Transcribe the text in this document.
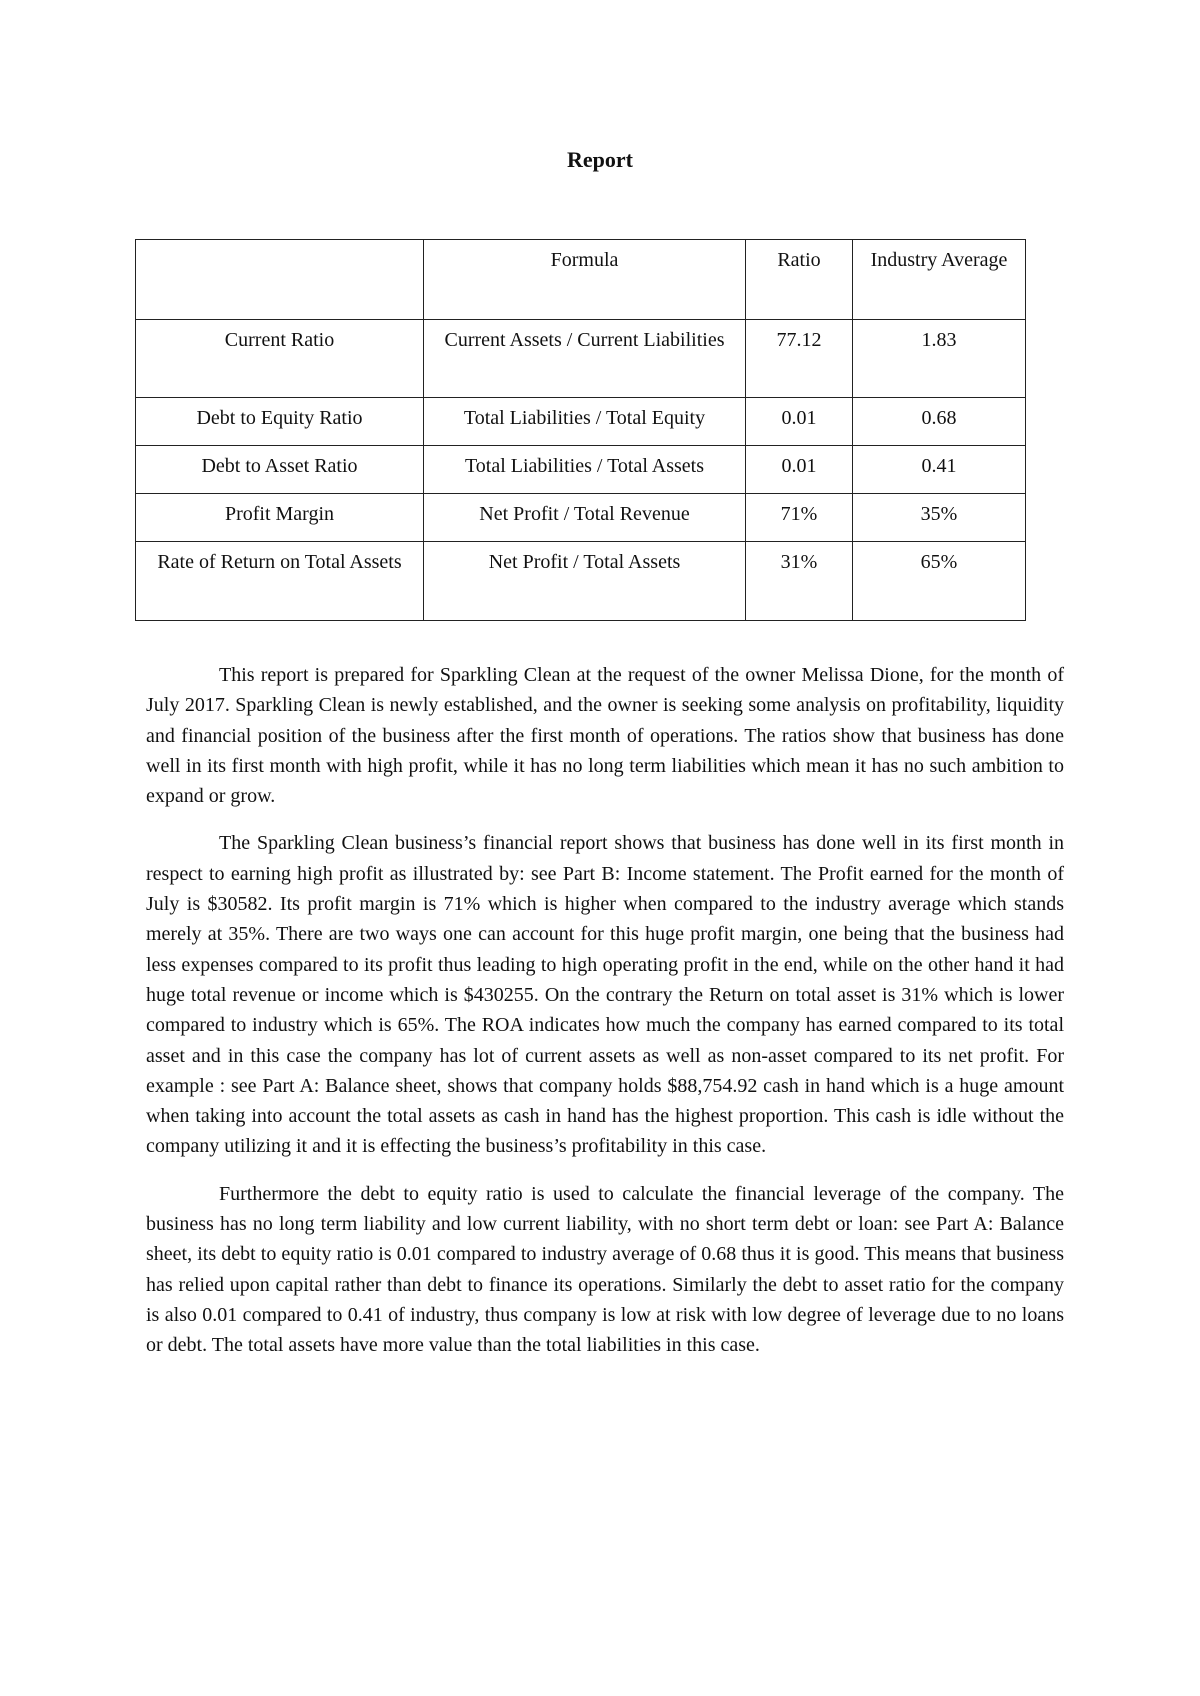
Report
	Formula	Ratio	Industry Average
Current Ratio	Current Assets / Current Liabilities	77.12	1.83
Debt to Equity Ratio	Total Liabilities / Total Equity	0.01	0.68
Debt to Asset Ratio	Total Liabilities / Total Assets	0.01	0.41
Profit Margin	Net Profit / Total Revenue	71%	35%
Rate of Return on Total Assets	Net Profit / Total Assets	31%	65%

This report is prepared for Sparkling Clean at the request of the owner Melissa Dione, for the month of July 2017. Sparkling Clean is newly established, and the owner is seeking some analysis on profitability, liquidity and financial position of the business after the first month of operations. The ratios show that business has done well in its first month with high profit, while it has no long term liabilities which mean it has no such ambition to expand or grow.

The Sparkling Clean business’s financial report shows that business has done well in its first month in respect to earning high profit as illustrated by: see Part B: Income statement. The Profit earned for the month of July is $30582. Its profit margin is 71% which is higher when compared to the industry average which stands merely at 35%. There are two ways one can account for this huge profit margin, one being that the business had less expenses compared to its profit thus leading to high operating profit in the end, while on the other hand it had huge total revenue or income which is $430255. On the contrary the Return on total asset is 31% which is lower compared to industry which is 65%. The ROA indicates how much the company has earned compared to its total asset and in this case the company has lot of current assets as well as non-asset compared to its net profit. For example : see Part A: Balance sheet, shows that company holds $88,754.92 cash in hand which is a huge amount when taking into account the total assets as cash in hand has the highest proportion. This cash is idle without the company utilizing it and it is effecting the business’s profitability in this case.

Furthermore the debt to equity ratio is used to calculate the financial leverage of the company. The business has no long term liability and low current liability, with no short term debt or loan: see Part A: Balance sheet, its debt to equity ratio is 0.01 compared to industry average of 0.68 thus it is good. This means that business has relied upon capital rather than debt to finance its operations. Similarly the debt to asset ratio for the company is also 0.01 compared to 0.41 of industry, thus company is low at risk with low degree of leverage due to no loans or debt. The total assets have more value than the total liabilities in this case.
